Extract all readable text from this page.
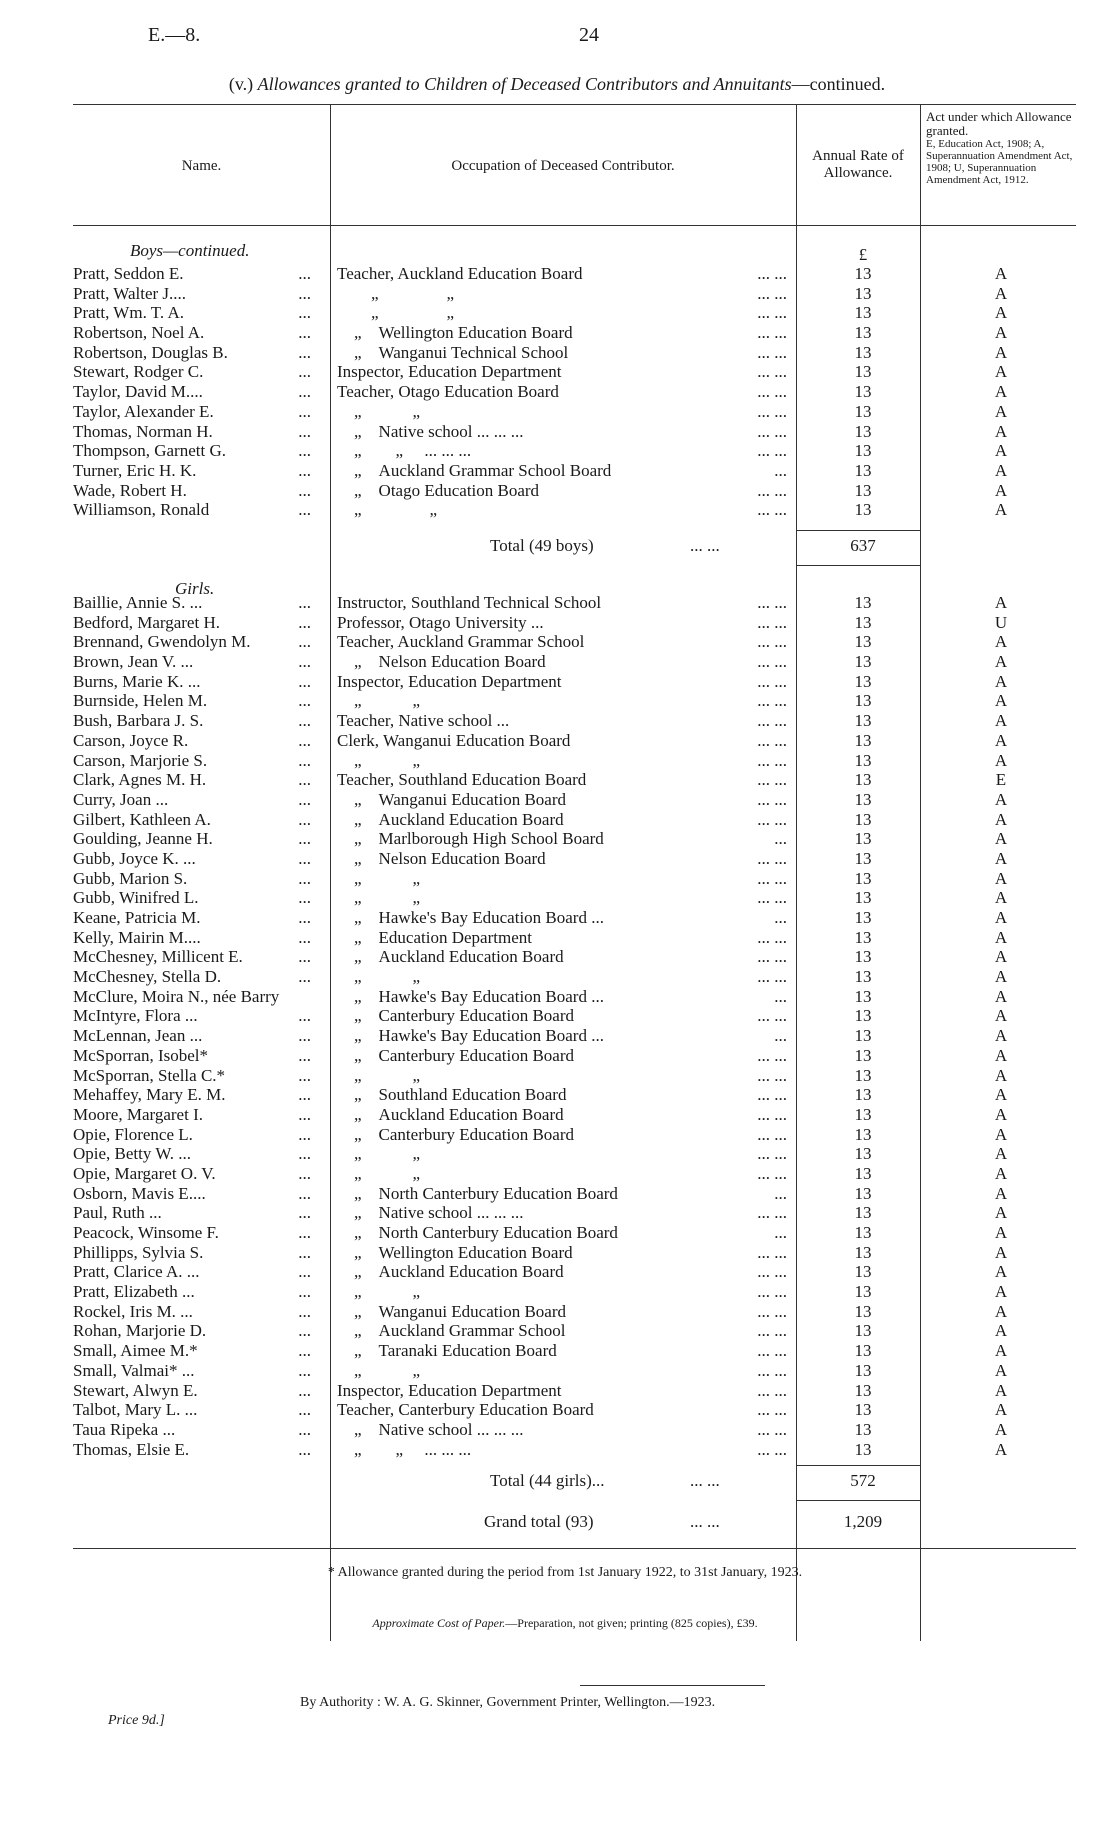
E.—8.	24
(v.) Allowances granted to Children of Deceased Contributors and Annuitants—continued.
Name.	Occupation of Deceased Contributor.
Annual Rate of Allowance.
Act under which Allowance granted.
E, Education Act, 1908; A, Superannuation Amendment Act, 1908; U, Superannuation Amendment Act, 1912.
Boys—continued.	£
Pratt, Seddon E.	... Teacher, Auckland Education Board	... ...	13	A
Pratt, Walter J....	... 　　„　　　　„	... ...	13	A
Pratt, Wm. T. A.	... 　　„　　　　„	... ...	13	A
Robertson, Noel A.	... 　„　Wellington Education Board	... ...	13	A
Robertson, Douglas B.	... 　„　Wanganui Technical School	... ...	13	A
Stewart, Rodger C.	... Inspector, Education Department	... ...	13	A
Taylor, David M....	... Teacher, Otago Education Board	... ...	13	A
Taylor, Alexander E.	... 　„　　　„	... ...	13	A
Thomas, Norman H.	... 　„　Native school ... ... ...	... ...	13	A
Thompson, Garnett G.	... 　„　　„　 ... ... ...	... ...	13	A
Turner, Eric H. K.	... 　„　Auckland Grammar School Board	...	13	A
Wade, Robert H.	... 　„　Otago Education Board	... ...	13	A
Williamson, Ronald	... 　„　　　　„	... ...	13	A
Total (49 boys)	... ...	637
Girls.
Baillie, Annie S. ...	... Instructor, Southland Technical School	... ...	13	A
Bedford, Margaret H.	... Professor, Otago University ...	... ...	13	U
Brennand, Gwendolyn M.	... Teacher, Auckland Grammar School	... ...	13	A
Brown, Jean V. ...	... 　„　Nelson Education Board	... ...	13	A
Burns, Marie K. ...	... Inspector, Education Department	... ...	13	A
Burnside, Helen M.	... 　„　　　„	... ...	13	A
Bush, Barbara J. S.	... Teacher, Native school ...	... ...	13	A
Carson, Joyce R.	... Clerk, Wanganui Education Board	... ...	13	A
Carson, Marjorie S.	... 　„　　　„	... ...	13	A
Clark, Agnes M. H.	... Teacher, Southland Education Board	... ...	13	E
Curry, Joan ...	... 　„　Wanganui Education Board	... ...	13	A
Gilbert, Kathleen A.	... 　„　Auckland Education Board	... ...	13	A
Goulding, Jeanne H.	... 　„　Marlborough High School Board	...	13	A
Gubb, Joyce K. ...	... 　„　Nelson Education Board	... ...	13	A
Gubb, Marion S.	... 　„　　　„	... ...	13	A
Gubb, Winifred L.	... 　„　　　„	... ...	13	A
Keane, Patricia M.	... 　„　Hawke's Bay Education Board ...	...	13	A
Kelly, Mairin M....	... 　„　Education Department	... ...	13	A
McChesney, Millicent E.	... 　„　Auckland Education Board	... ...	13	A
McChesney, Stella D.	... 　„　　　„	... ...	13	A
McClure, Moira N., née Barry	　„　Hawke's Bay Education Board ...	...	13	A
McIntyre, Flora ...	... 　„　Canterbury Education Board	... ...	13	A
McLennan, Jean ...	... 　„　Hawke's Bay Education Board ...	...	13	A
McSporran, Isobel*	... 　„　Canterbury Education Board	... ...	13	A
McSporran, Stella C.*	... 　„　　　„	... ...	13	A
Mehaffey, Mary E. M.	... 　„　Southland Education Board	... ...	13	A
Moore, Margaret I.	... 　„　Auckland Education Board	... ...	13	A
Opie, Florence L.	... 　„　Canterbury Education Board	... ...	13	A
Opie, Betty W. ...	... 　„　　　„	... ...	13	A
Opie, Margaret O. V.	... 　„　　　„	... ...	13	A
Osborn, Mavis E....	... 　„　North Canterbury Education Board	...	13	A
Paul, Ruth ...	... 　„　Native school ... ... ...	... ...	13	A
Peacock, Winsome F.	... 　„　North Canterbury Education Board	...	13	A
Phillipps, Sylvia S.	... 　„　Wellington Education Board	... ...	13	A
Pratt, Clarice A. ...	... 　„　Auckland Education Board	... ...	13	A
Pratt, Elizabeth ...	... 　„　　　„	... ...	13	A
Rockel, Iris M. ...	... 　„　Wanganui Education Board	... ...	13	A
Rohan, Marjorie D.	... 　„　Auckland Grammar School	... ...	13	A
Small, Aimee M.*	... 　„　Taranaki Education Board	... ...	13	A
Small, Valmai* ...	... 　„　　　„	... ...	13	A
Stewart, Alwyn E.	... Inspector, Education Department	... ...	13	A
Talbot, Mary L. ...	... Teacher, Canterbury Education Board	... ...	13	A
Taua Ripeka ...	... 　„　Native school ... ... ...	... ...	13	A
Thomas, Elsie E.	... 　„　　„　 ... ... ...	... ...	13	A
Total (44 girls)...	... ...	572
Grand total (93)	... ...	1,209
* Allowance granted during the period from 1st January 1922, to 31st January, 1923.
Approximate Cost of Paper.—Preparation, not given; printing (825 copies), £39.
By Authority : W. A. G. Skinner, Government Printer, Wellington.—1923.
Price 9d.]
